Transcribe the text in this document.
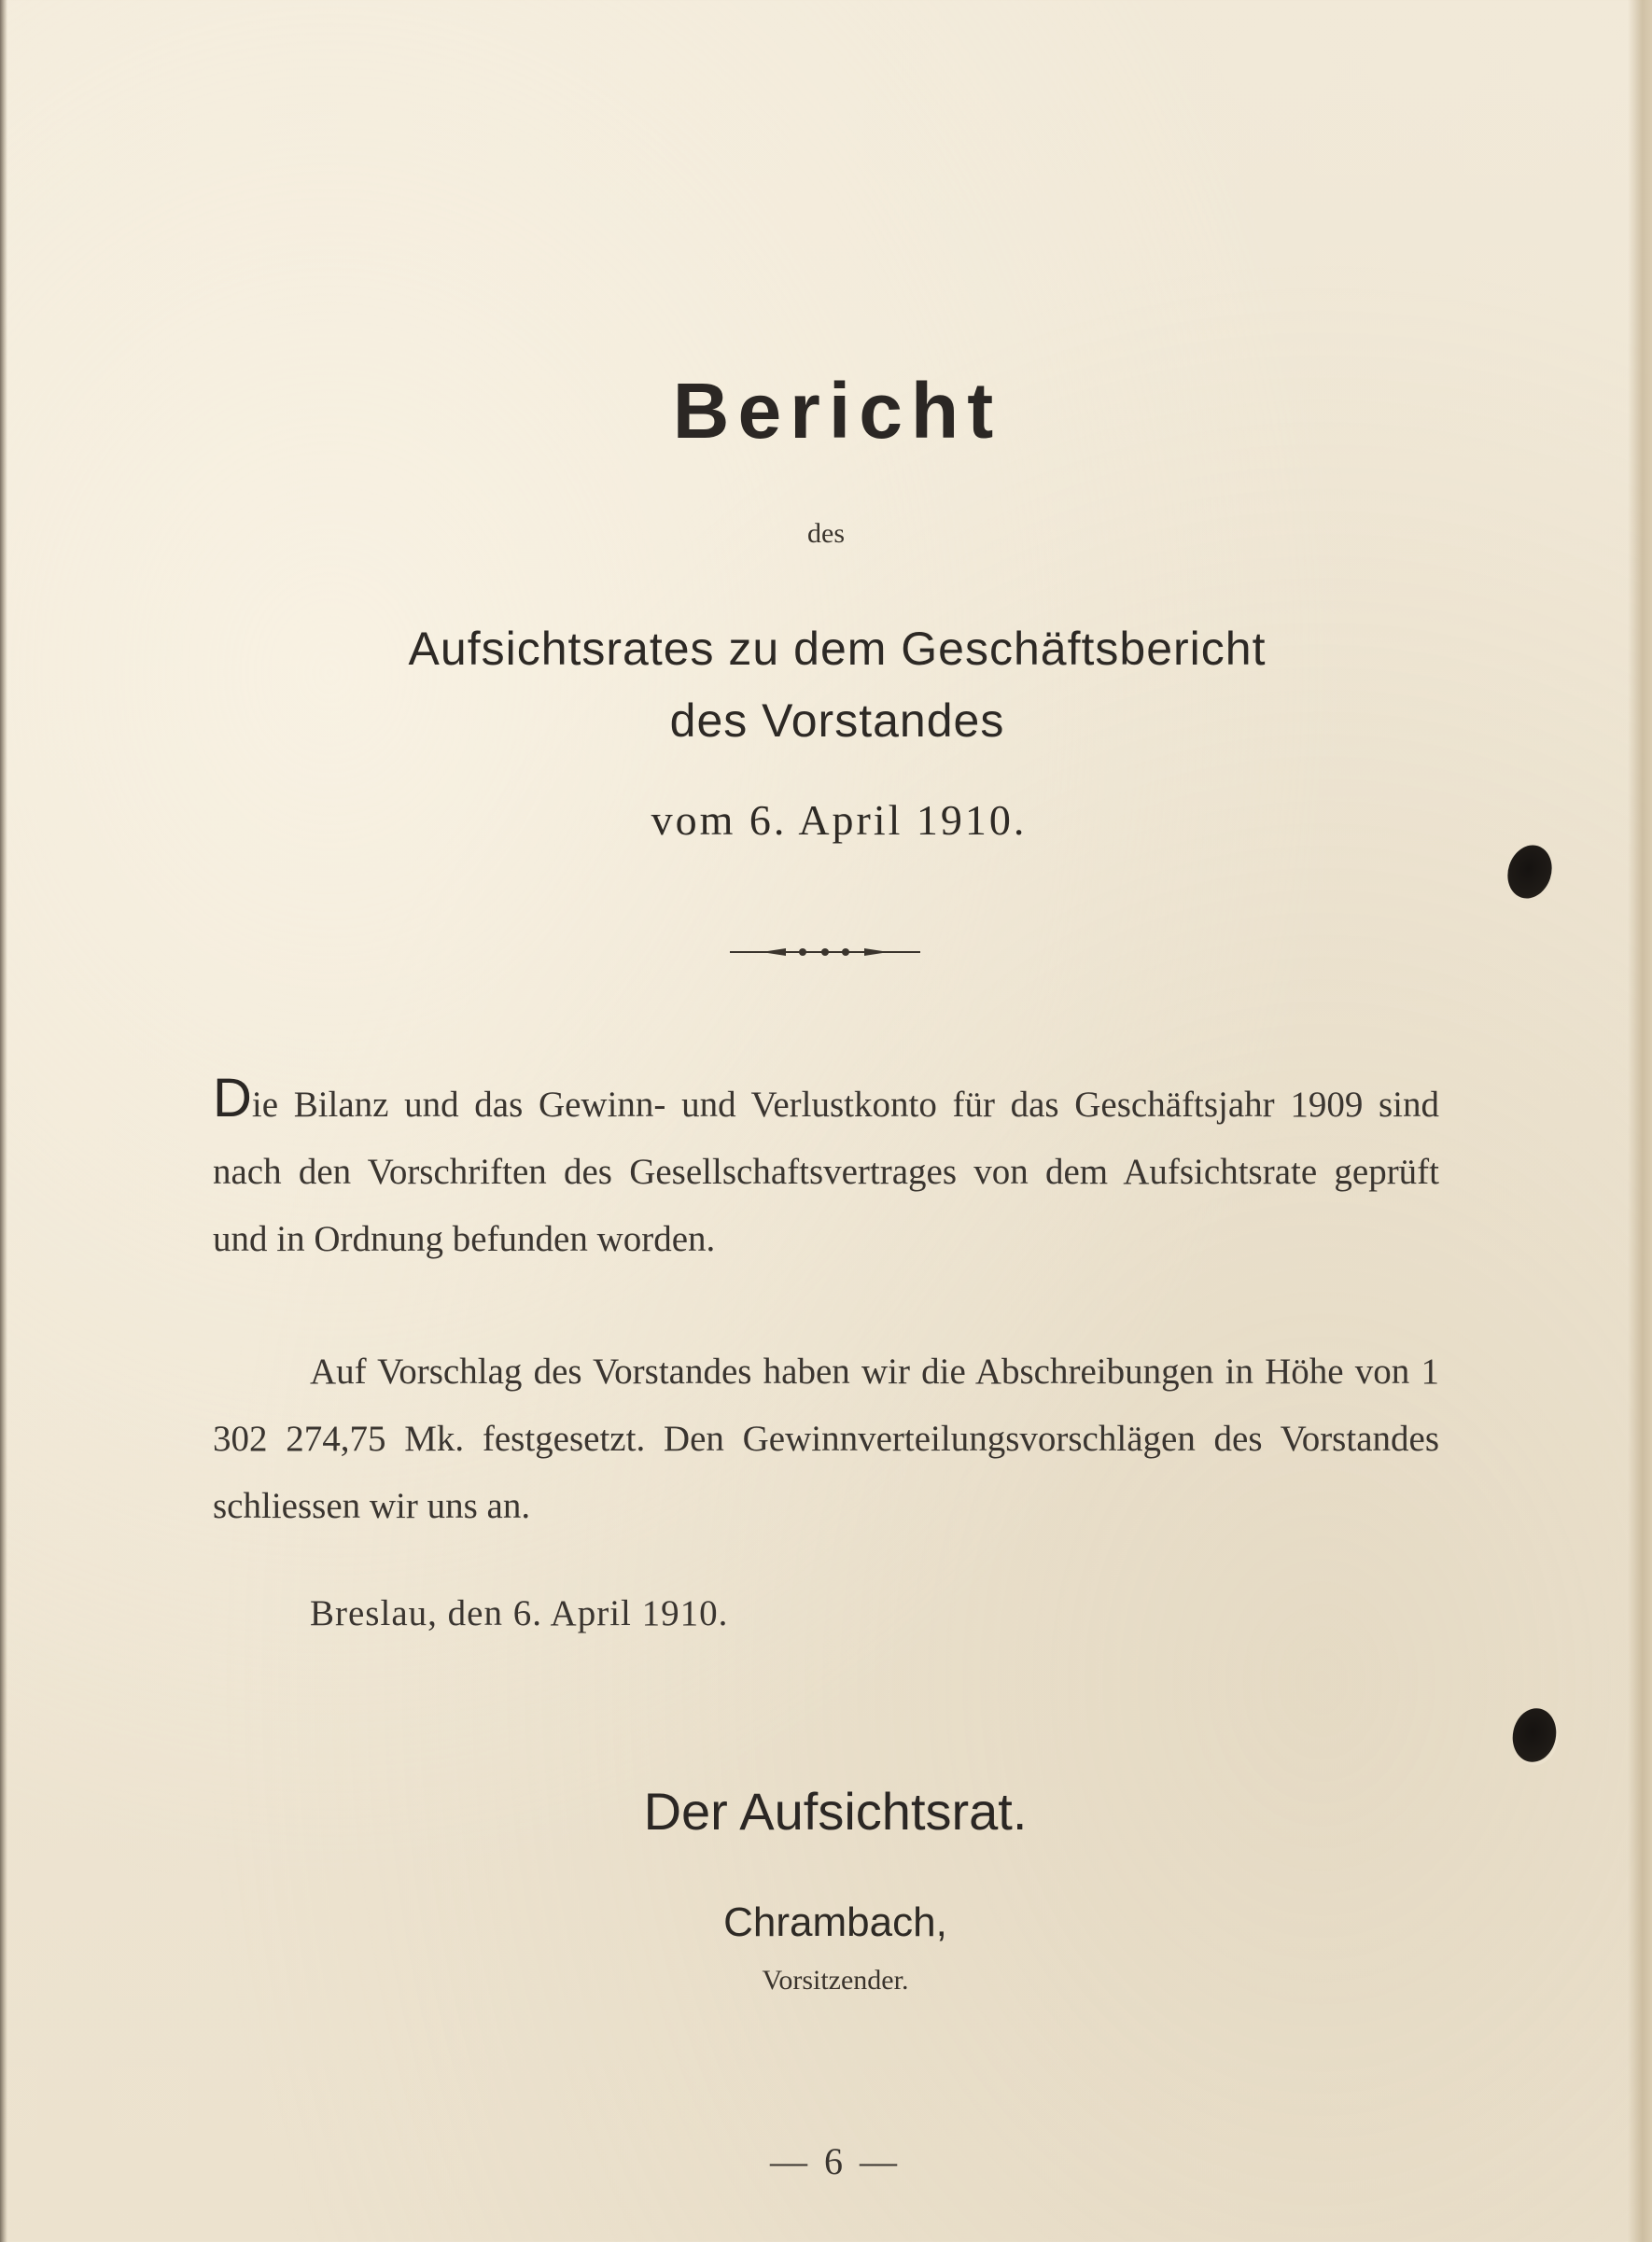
Bericht
des
Aufsichtsrates zu dem Geschäftsbericht
des Vorstandes
vom 6. April 1910.
Die Bilanz und das Gewinn- und Verlustkonto für das Geschäftsjahr 1909 sind nach den Vorschriften des Gesellschaftsvertrages von dem Aufsichtsrate geprüft und in Ordnung befunden worden.
Auf Vorschlag des Vorstandes haben wir die Abschreibungen in Höhe von 1 302 274,75 Mk. festgesetzt. Den Gewinnverteilungsvorschlägen des Vorstandes schliessen wir uns an.
Breslau, den 6. April 1910.
Der Aufsichtsrat.
Chrambach,
Vorsitzender.
— 6 —
